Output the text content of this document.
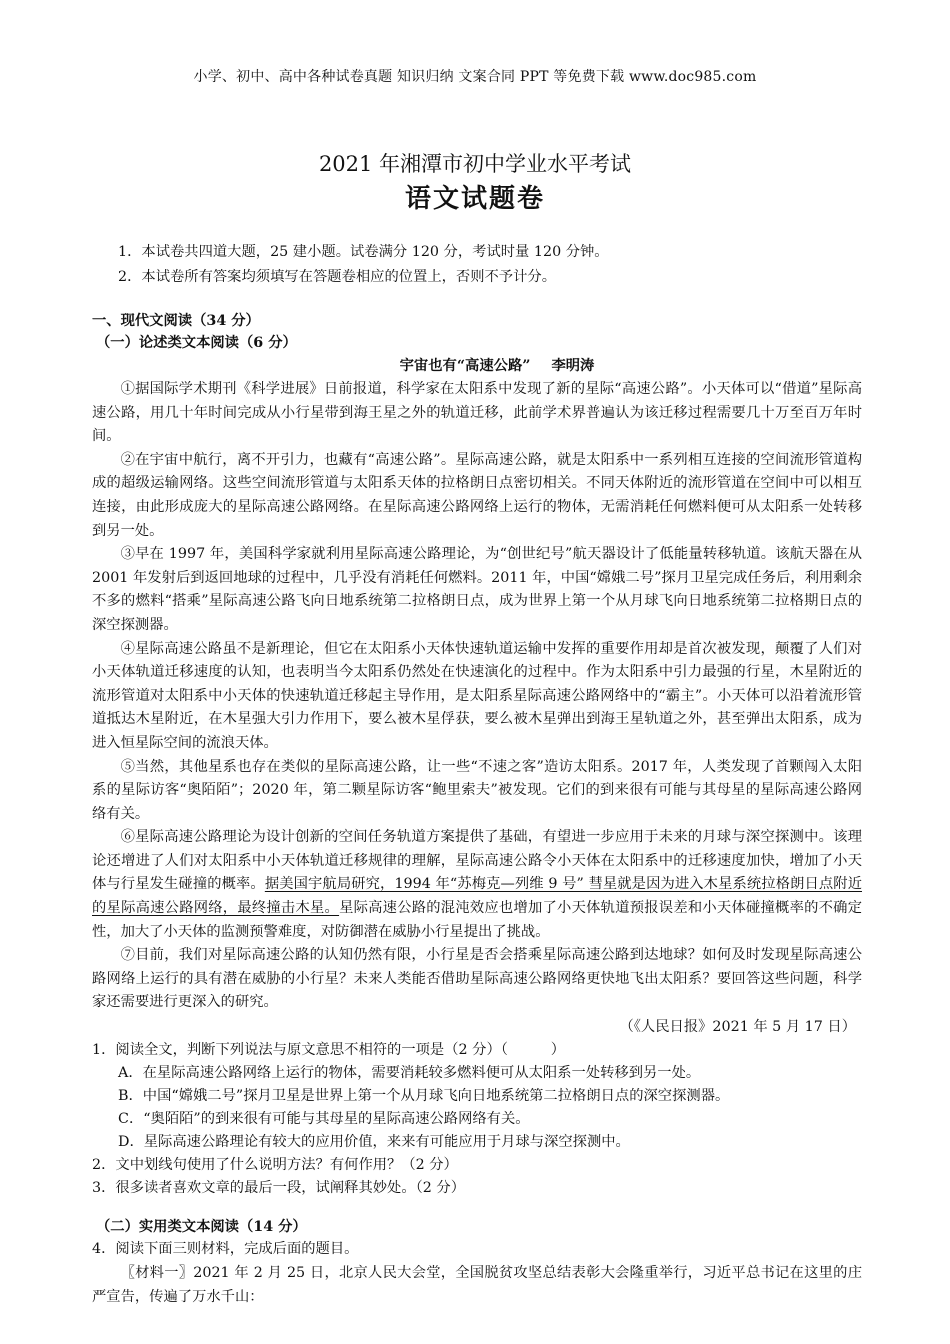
小学、初中、高中各种试卷真题 知识归纳 文案合同 PPT 等免费下载 www.doc985.com
2021 年湘潭市初中学业水平考试
语文试题卷
1．本试卷共四道大题，25 建小题。试卷满分 120 分，考试时量 120 分钟。
2．本试卷所有答案均须填写在答题卷相应的位置上，否则不予计分。
一、现代文阅读（34 分）
（一）论述类文本阅读（6 分）
宇宙也有“高速公路” 李明涛
①据国际学术期刊《科学进展》日前报道，科学家在太阳系中发现了新的星际“高速公路”。小天体可以“借道”星际高速公路，用几十年时间完成从小行星带到海王星之外的轨道迁移，此前学术界普遍认为该迁移过程需要几十万至百万年时间。
②在宇宙中航行，离不开引力，也藏有“高速公路”。星际高速公路，就是太阳系中一系列相互连接的空间流形管道构成的超级运输网络。这些空间流形管道与太阳系天体的拉格朗日点密切相关。不同天体附近的流形管道在空间中可以相互连接，由此形成庞大的星际高速公路网络。在星际高速公路网络上运行的物体，无需消耗任何燃料便可从太阳系一处转移到另一处。
③早在 1997 年，美国科学家就利用星际高速公路理论，为“创世纪号”航天器设计了低能量转移轨道。该航天器在从 2001 年发射后到返回地球的过程中，几乎没有消耗任何燃料。2011 年，中国“嫦娥二号”探月卫星完成任务后，利用剩余不多的燃料“搭乘”星际高速公路飞向日地系统第二拉格朗日点，成为世界上第一个从月球飞向日地系统第二拉格期日点的深空探测器。
④星际高速公路虽不是新理论，但它在太阳系小天体快速轨道运输中发挥的重要作用却是首次被发现，颠覆了人们对小天体轨道迁移速度的认知，也表明当今太阳系仍然处在快速演化的过程中。作为太阳系中引力最强的行星，木星附近的流形管道对太阳系中小天体的快速轨道迁移起主导作用，是太阳系星际高速公路网络中的“霸主”。小天体可以沿着流形管道抵达木星附近，在木星强大引力作用下，要么被木星俘获，要么被木星弹出到海王星轨道之外，甚至弹出太阳系，成为进入恒星际空间的流浪天体。
⑤当然，其他星系也存在类似的星际高速公路，让一些“不速之客”造访太阳系。2017 年，人类发现了首颗闯入太阳系的星际访客“奥陌陌”；2020 年，第二颗星际访客“鲍里索夫”被发现。它们的到来很有可能与其母星的星际高速公路网络有关。
⑥星际高速公路理论为设计创新的空间任务轨道方案提供了基础，有望进一步应用于未来的月球与深空探测中。该理论还增进了人们对太阳系中小天体轨道迁移规律的理解，星际高速公路令小天体在太阳系中的迁移速度加快，增加了小天体与行星发生碰撞的概率。据美国宇航局研究，1994 年“苏梅克—列维 9 号” 彗星就是因为进入木星系统拉格朗日点附近的星际高速公路网络，最终撞击木星。星际高速公路的混沌效应也增加了小天体轨道预报误差和小天体碰撞概率的不确定性，加大了小天体的监测预警难度，对防御潜在威胁小行星提出了挑战。
⑦目前，我们对星际高速公路的认知仍然有限，小行星是否会搭乘星际高速公路到达地球？如何及时发现星际高速公路网络上运行的具有潜在威胁的小行星？未来人类能否借助星际高速公路网络更快地飞出太阳系？要回答这些问题，科学家还需要进行更深入的研究。
（《人民日报》2021 年 5 月 17 日）
1．阅读全文，判断下列说法与原文意思不相符的一项是（2 分）（　　　）
A．在星际高速公路网络上运行的物体，需要消耗较多燃料便可从太阳系一处转移到另一处。
B．中国“嫦娥二号”探月卫星是世界上第一个从月球飞向日地系统第二拉格朗日点的深空探测器。
C．“奥陌陌”的到来很有可能与其母星的星际高速公路网络有关。
D．星际高速公路理论有较大的应用价值，来来有可能应用于月球与深空探测中。
2．文中划线句使用了什么说明方法？有何作用？（2 分）
3．很多读者喜欢文章的最后一段，试阐释其妙处。（2 分）
（二）实用类文本阅读（14 分）
4．阅读下面三则材料，完成后面的题目。
〖材料一〗2021 年 2 月 25 日，北京人民大会堂，全国脱贫攻坚总结表彰大会隆重举行，习近平总书记在这里的庄严宣告，传遍了万水千山：
